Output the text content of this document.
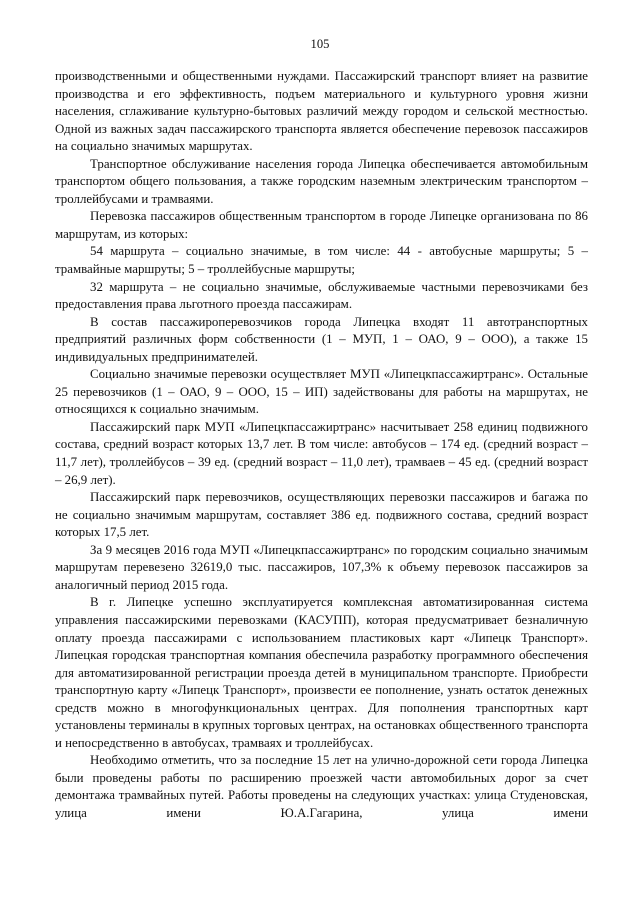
105

производственными и общественными нуждами. Пассажирский транспорт влияет на развитие производства и его эффективность, подъем материального и культурного уровня жизни населения, сглаживание культурно-бытовых различий между городом и сельской местностью. Одной из важных задач пассажирского транспорта является обеспечение перевозок пассажиров на социально значимых маршрутах.

Транспортное обслуживание населения города Липецка обеспечивается автомобильным транспортом общего пользования, а также городским наземным электрическим транспортом – троллейбусами и трамваями.

Перевозка пассажиров общественным транспортом в городе Липецке организована по 86 маршрутам, из которых:

54 маршрута – социально значимые, в том числе: 44 - автобусные маршруты; 5 – трамвайные маршруты; 5 – троллейбусные маршруты;

32 маршрута – не социально значимые, обслуживаемые частными перевозчиками без предоставления права льготного проезда пассажирам.

В состав пассажироперевозчиков города Липецка входят 11 автотранспортных предприятий различных форм собственности (1 – МУП, 1 – ОАО, 9 – ООО), а также 15 индивидуальных предпринимателей.

Социально значимые перевозки осуществляет МУП «Липецкпассажиртранс». Остальные 25 перевозчиков (1 – ОАО, 9 – ООО, 15 – ИП) задействованы для работы на маршрутах, не относящихся к социально значимым.

Пассажирский парк МУП «Липецкпассажиртранс» насчитывает 258 единиц подвижного состава, средний возраст которых 13,7 лет. В том числе: автобусов – 174 ед. (средний возраст – 11,7 лет), троллейбусов – 39 ед. (средний возраст – 11,0 лет), трамваев – 45 ед. (средний возраст – 26,9 лет).

Пассажирский парк перевозчиков, осуществляющих перевозки пассажиров и багажа по не социально значимым маршрутам, составляет 386 ед. подвижного состава, средний возраст которых 17,5 лет.

За 9 месяцев 2016 года МУП «Липецкпассажиртранс» по городским социально значимым маршрутам перевезено 32619,0 тыс. пассажиров, 107,3% к объему перевозок пассажиров за аналогичный период 2015 года.

В г. Липецке успешно эксплуатируется комплексная автоматизированная система управления пассажирскими перевозками (КАСУПП), которая предусматривает безналичную оплату проезда пассажирами с использованием пластиковых карт «Липецк Транспорт». Липецкая городская транспортная компания обеспечила разработку программного обеспечения для автоматизированной регистрации проезда детей в муниципальном транспорте. Приобрести транспортную карту «Липецк Транспорт», произвести ее пополнение, узнать остаток денежных средств можно в многофункциональных центрах. Для пополнения транспортных карт установлены терминалы в крупных торговых центрах, на остановках общественного транспорта и непосредственно в автобусах, трамваях и троллейбусах.

Необходимо отметить, что за последние 15 лет на улично-дорожной сети города Липецка были проведены работы по расширению проезжей части автомобильных дорог за счет демонтажа трамвайных путей. Работы проведены на следующих участках: улица Студеновская, улица имени Ю.А.Гагарина, улица имени
